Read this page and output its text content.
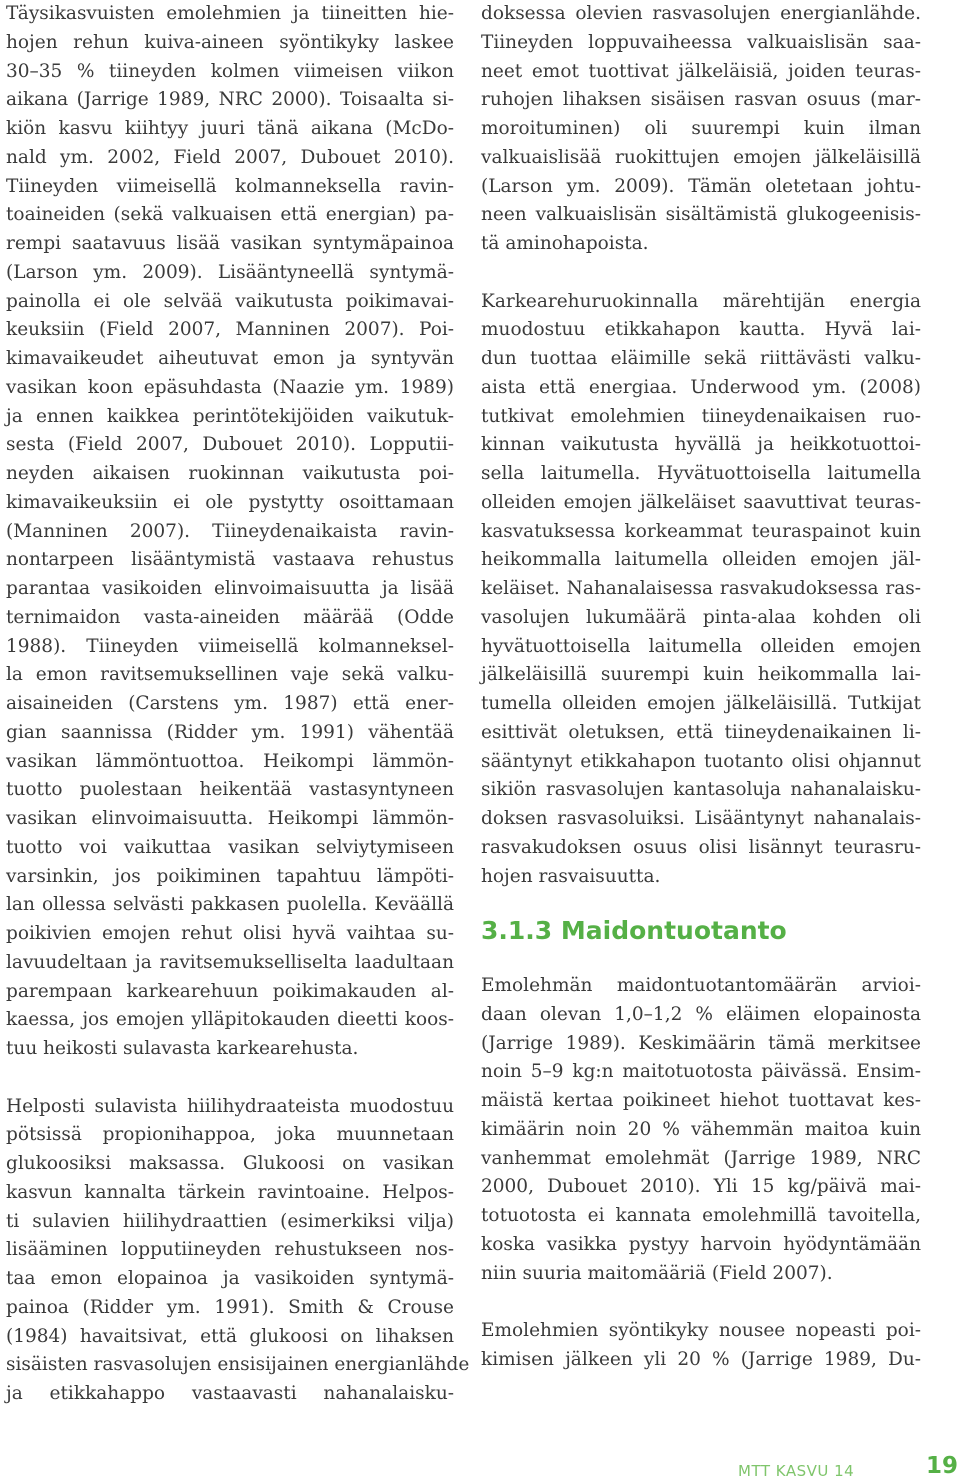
Täysikasvuisten emolehmien ja tiineitten hie-
hojen rehun kuiva-aineen syöntikyky laskee
30–35 % tiineyden kolmen viimeisen viikon
aikana (Jarrige 1989, NRC 2000). Toisaalta si-
kiön kasvu kiihtyy juuri tänä aikana (McDo-
nald ym. 2002, Field 2007, Dubouet 2010).
Tiineyden viimeisellä kolmanneksella ravin-
toaineiden (sekä valkuaisen että energian) pa-
rempi saatavuus lisää vasikan syntymäpainoa
(Larson ym. 2009). Lisääntyneellä syntymä-
painolla ei ole selvää vaikutusta poikimavai-
keuksiin (Field 2007, Manninen 2007). Poi-
kimavaikeudet aiheutuvat emon ja syntyvän
vasikan koon epäsuhdasta (Naazie ym. 1989)
ja ennen kaikkea perintötekijöiden vaikutuk-
sesta (Field 2007, Dubouet 2010). Lopputii-
neyden aikaisen ruokinnan vaikutusta poi-
kimavaikeuksiin ei ole pystytty osoittamaan
(Manninen 2007). Tiineydenaikaista ravin-
nontarpeen lisääntymistä vastaava rehustus
parantaa vasikoiden elinvoimaisuutta ja lisää
ternimaidon vasta-aineiden määrää (Odde
1988). Tiineyden viimeisellä kolmanneksel-
la emon ravitsemuksellinen vaje sekä valku-
aisaineiden (Carstens ym. 1987) että ener-
gian saannissa (Ridder ym. 1991) vähentää
vasikan lämmöntuottoa. Heikompi lämmön-
tuotto puolestaan heikentää vastasyntyneen
vasikan elinvoimaisuutta. Heikompi lämmön-
tuotto voi vaikuttaa vasikan selviytymiseen
varsinkin, jos poikiminen tapahtuu lämpöti-
lan ollessa selvästi pakkasen puolella. Keväällä
poikivien emojen rehut olisi hyvä vaihtaa su-
lavuudeltaan ja ravitsemukselliselta laadultaan
parempaan karkearehuun poikimakauden al-
kaessa, jos emojen ylläpitokauden dieetti koos-
tuu heikosti sulavasta karkearehusta.
Helposti sulavista hiilihydraateista muodostuu
pötsissä propionihappoa, joka muunnetaan
glukoosiksi maksassa. Glukoosi on vasikan
kasvun kannalta tärkein ravintoaine. Helpos-
ti sulavien hiilihydraattien (esimerkiksi vilja)
lisääminen lopputiineyden rehustukseen nos-
taa emon elopainoa ja vasikoiden syntymä-
painoa (Ridder ym. 1991). Smith & Crouse
(1984) havaitsivat, että glukoosi on lihaksen
sisäisten rasvasolujen ensisijainen energianlähde
ja etikkahappo vastaavasti nahanalaisku-
doksessa olevien rasvasolujen energianlähde.
Tiineyden loppuvaiheessa valkuaislisän saa-
neet emot tuottivat jälkeläisiä, joiden teuras-
ruhojen lihaksen sisäisen rasvan osuus (mar-
moroituminen) oli suurempi kuin ilman
valkuaislisää ruokittujen emojen jälkeläisillä
(Larson ym. 2009). Tämän oletetaan johtu-
neen valkuaislisän sisältämistä glukogeenisis-
tä aminohapoista.
Karkearehuruokinnalla märehtijän energia
muodostuu etikkahapon kautta. Hyvä lai-
dun tuottaa eläimille sekä riittävästi valku-
aista että energiaa. Underwood ym. (2008)
tutkivat emolehmien tiineydenaikaisen ruo-
kinnan vaikutusta hyvällä ja heikkotuottoi-
sella laitumella. Hyvätuottoisella laitumella
olleiden emojen jälkeläiset saavuttivat teuras-
kasvatuksessa korkeammat teuraspainot kuin
heikommalla laitumella olleiden emojen jäl-
keläiset. Nahanalaisessa rasvakudoksessa ras-
vasolujen lukumäärä pinta-alaa kohden oli
hyvätuottoisella laitumella olleiden emojen
jälkeläisillä suurempi kuin heikommalla lai-
tumella olleiden emojen jälkeläisillä. Tutkijat
esittivät oletuksen, että tiineydenaikainen li-
sääntynyt etikkahapon tuotanto olisi ohjannut
sikiön rasvasolujen kantasoluja nahanalaisku-
doksen rasvasoluiksi. Lisääntynyt nahanalais-
rasvakudoksen osuus olisi lisännyt teurasru-
hojen rasvaisuutta.
3.1.3 Maidontuotanto
Emolehmän maidontuotantomäärän arvioi-
daan olevan 1,0–1,2 % eläimen elopainosta
(Jarrige 1989). Keskimäärin tämä merkitsee
noin 5–9 kg:n maitotuotosta päivässä. Ensim-
mäistä kertaa poikineet hiehot tuottavat kes-
kimäärin noin 20 % vähemmän maitoa kuin
vanhemmat emolehmät (Jarrige 1989, NRC
2000, Dubouet 2010). Yli 15 kg/päivä mai-
totuotosta ei kannata emolehmillä tavoitella,
koska vasikka pystyy harvoin hyödyntämään
niin suuria maitomääriä (Field 2007).
Emolehmien syöntikyky nousee nopeasti poi-
kimisen jälkeen yli 20 % (Jarrige 1989, Du-
MTT KASVU 14	19
